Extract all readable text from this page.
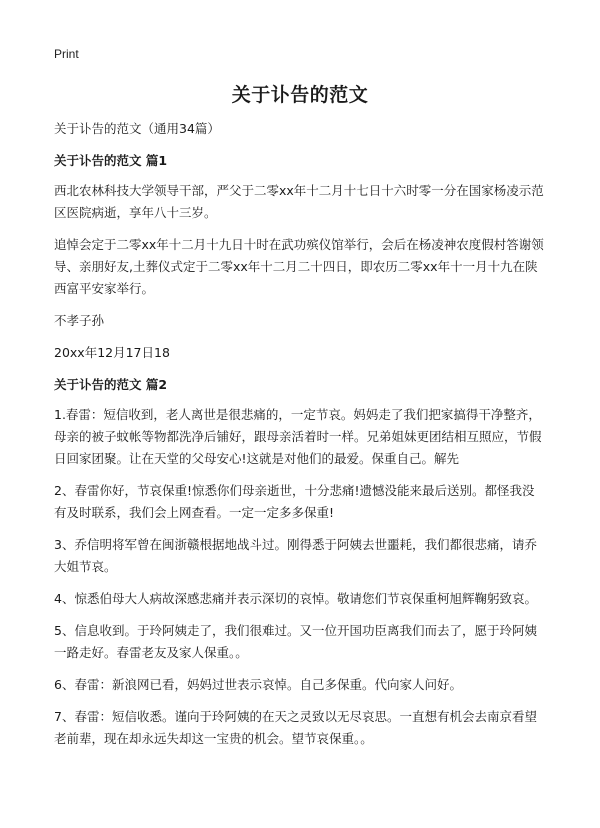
Print
关于讣告的范文

关于讣告的范文（通用34篇）

关于讣告的范文 篇1

西北农林科技大学领导干部，严父于二零xx年十二月十七日十六时零一分在国家杨凌示范区医院病逝，享年八十三岁。

追悼会定于二零xx年十二月十九日十时在武功殡仪馆举行，会后在杨凌神农度假村答谢领导、亲朋好友,土葬仪式定于二零xx年十二月二十四日，即农历二零xx年十一月十九在陕西富平安家举行。

不孝子孙

20xx年12月17日18

关于讣告的范文 篇2

1.春雷：短信收到，老人离世是很悲痛的，一定节哀。妈妈走了我们把家搞得干净整齐，母亲的被子蚊帐等物都洗净后铺好，跟母亲活着时一样。兄弟姐妹更团结相互照应，节假日回家团聚。让在天堂的父母安心!这就是对他们的最爱。保重自己。解先

2、春雷你好，节哀保重!惊悉你们母亲逝世，十分悲痛!遗憾没能来最后送别。都怪我没有及时联系，我们会上网查看。一定一定多多保重!

3、乔信明将军曾在闽浙赣根据地战斗过。刚得悉于阿姨去世噩耗，我们都很悲痛，请乔大姐节哀。

4、惊悉伯母大人病故深感悲痛并表示深切的哀悼。敬请您们节哀保重柯旭辉鞠躬致哀。

5、信息收到。于玲阿姨走了，我们很难过。又一位开国功臣离我们而去了，愿于玲阿姨一路走好。春雷老友及家人保重。。

6、春雷：新浪网已看，妈妈过世表示哀悼。自己多保重。代向家人问好。

7、春雷：短信收悉。谨向于玲阿姨的在天之灵致以无尽哀思。一直想有机会去南京看望老前辈，现在却永远失却这一宝贵的机会。望节哀保重。。
